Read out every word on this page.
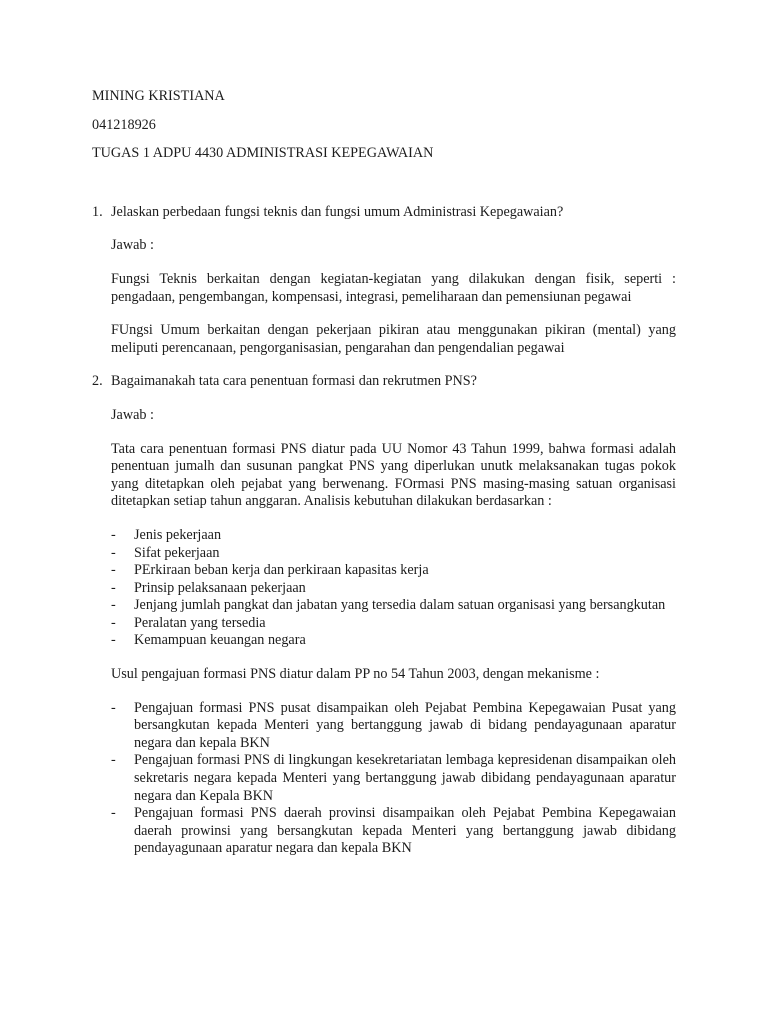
MINING KRISTIANA
041218926
TUGAS 1 ADPU 4430 ADMINISTRASI KEPEGAWAIAN
1. Jelaskan perbedaan fungsi teknis dan fungsi umum Administrasi Kepegawaian?

Jawab :

Fungsi Teknis berkaitan dengan kegiatan-kegiatan yang dilakukan dengan fisik, seperti : pengadaan, pengembangan, kompensasi, integrasi, pemeliharaan dan pemensiunan pegawai

FUngsi Umum berkaitan dengan pekerjaan pikiran atau menggunakan pikiran (mental) yang meliputi perencanaan, pengorganisasian, pengarahan dan pengendalian pegawai

2. Bagaimanakah tata cara penentuan formasi dan rekrutmen PNS?

Jawab :

Tata cara penentuan formasi PNS diatur pada UU Nomor 43 Tahun 1999, bahwa formasi adalah penentuan jumalh dan susunan pangkat PNS yang diperlukan unutk melaksanakan tugas pokok yang ditetapkan oleh pejabat yang berwenang. FOrmasi PNS masing-masing satuan organisasi ditetapkan setiap tahun anggaran. Analisis kebutuhan dilakukan berdasarkan :

- Jenis pekerjaan
- Sifat pekerjaan
- PErkiraan beban kerja dan perkiraan kapasitas kerja
- Prinsip pelaksanaan pekerjaan
- Jenjang jumlah pangkat dan jabatan yang tersedia dalam satuan organisasi yang bersangkutan
- Peralatan yang tersedia
- Kemampuan keuangan negara

Usul pengajuan formasi PNS diatur dalam PP no 54 Tahun 2003, dengan mekanisme :

- Pengajuan formasi PNS pusat disampaikan oleh Pejabat Pembina Kepegawaian Pusat yang bersangkutan kepada Menteri yang bertanggung jawab di bidang pendayagunaan aparatur negara dan kepala BKN
- Pengajuan formasi PNS di lingkungan kesekretariatan lembaga kepresidenan disampaikan oleh sekretaris negara kepada Menteri yang bertanggung jawab dibidang pendayagunaan aparatur negara dan Kepala BKN
- Pengajuan formasi PNS daerah provinsi disampaikan oleh Pejabat Pembina Kepegawaian daerah prowinsi yang bersangkutan kepada Menteri yang bertanggung jawab dibidang pendayagunaan aparatur negara dan kepala BKN
